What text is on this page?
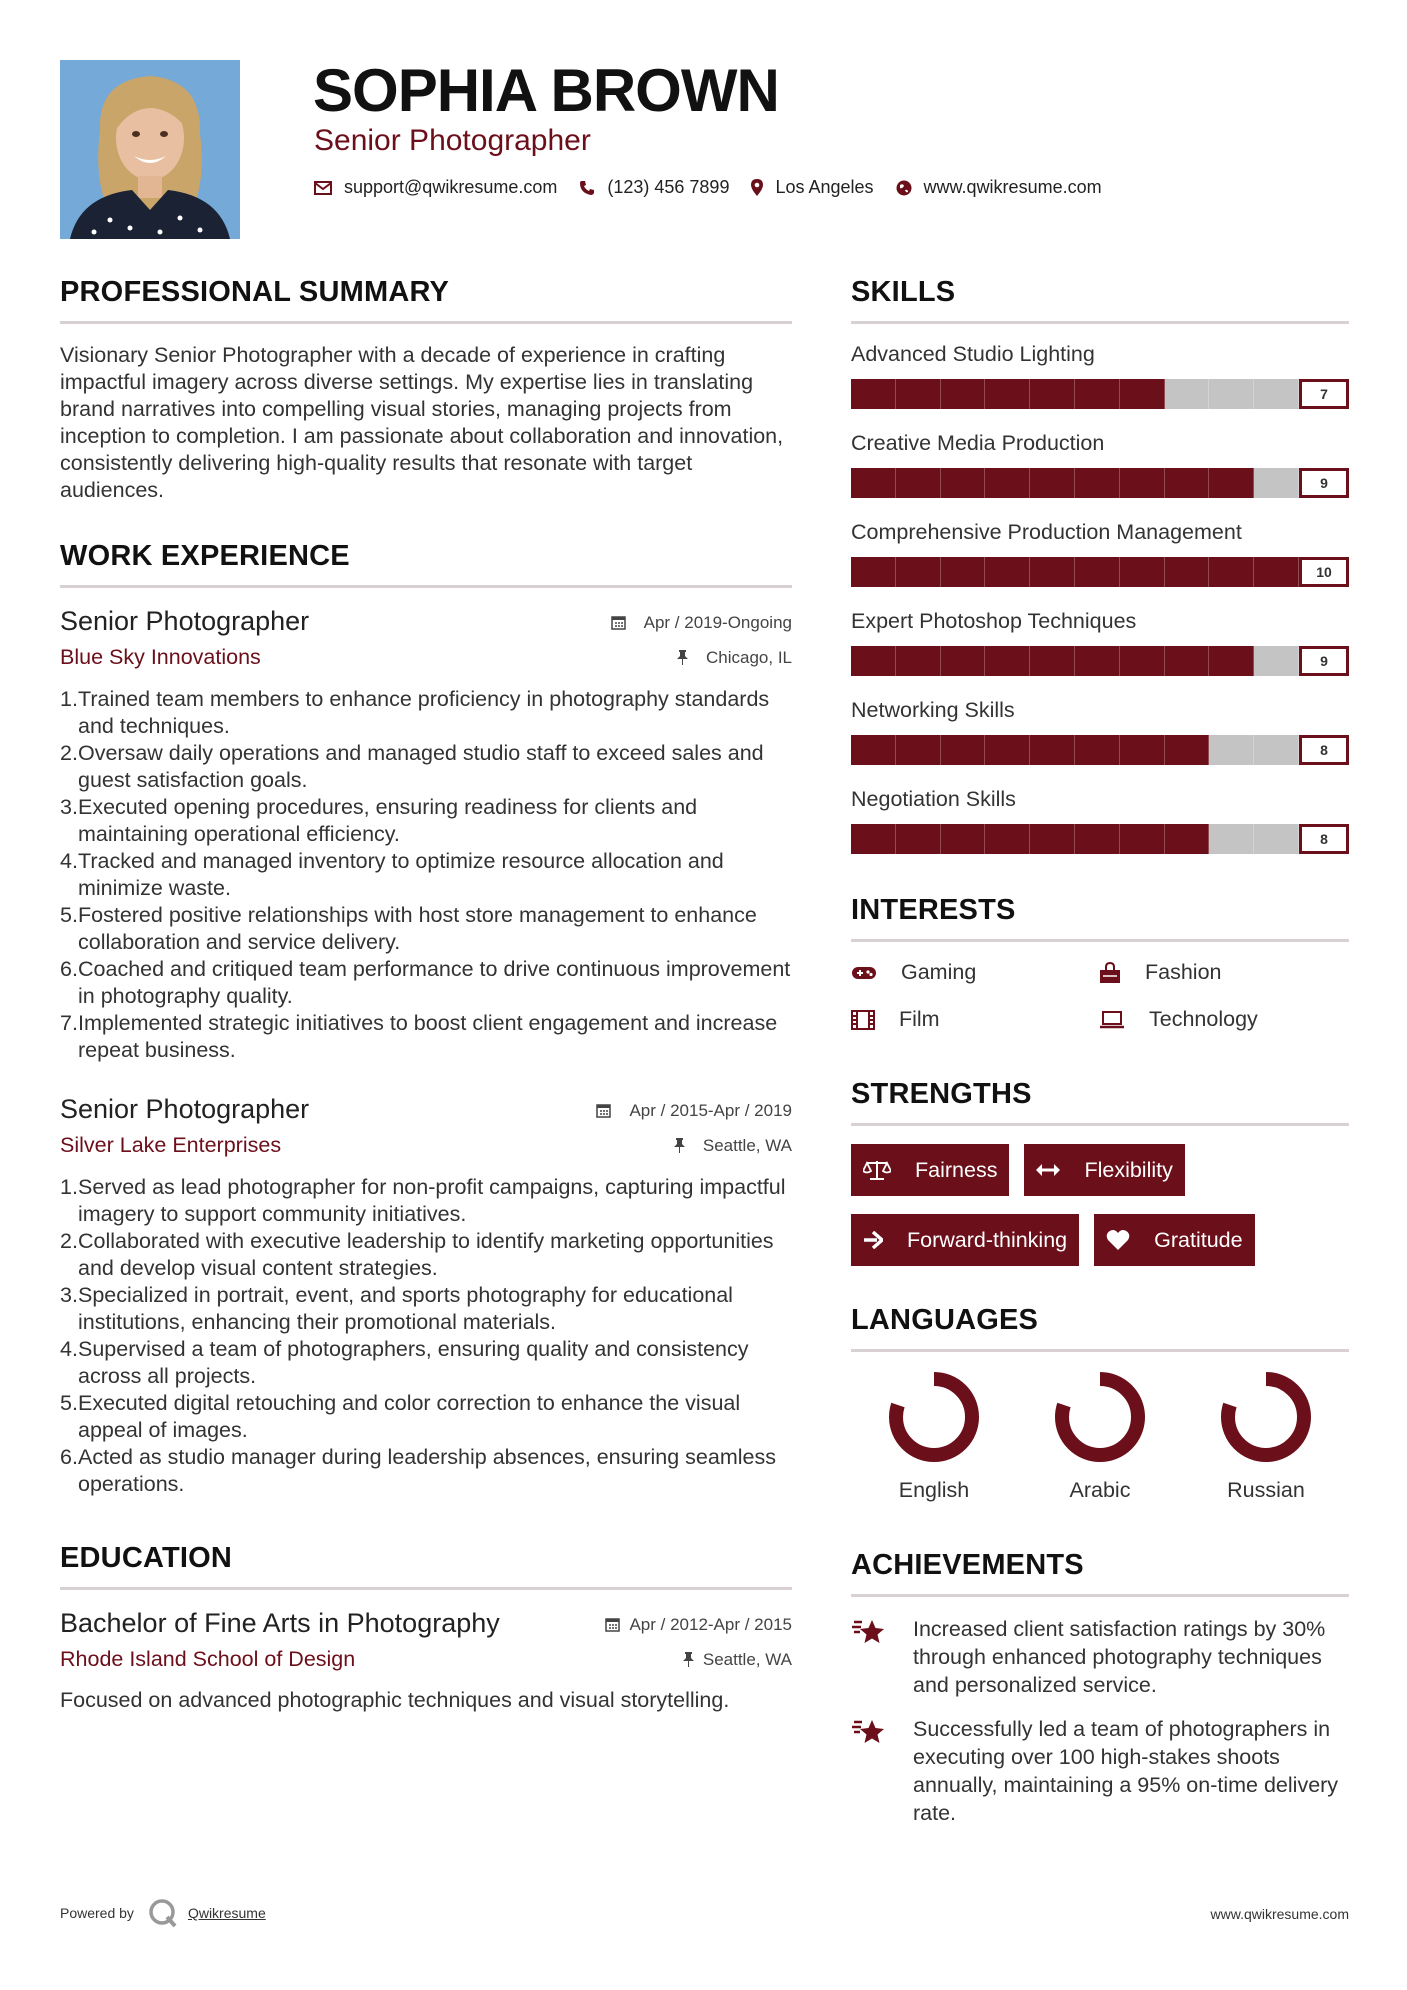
SOPHIA BROWN
Senior Photographer
support@qwikresume.com	(123) 456 7899	Los Angeles	www.qwikresume.com
PROFESSIONAL SUMMARY
Visionary Senior Photographer with a decade of experience in crafting impactful imagery across diverse settings. My expertise lies in translating brand narratives into compelling visual stories, managing projects from inception to completion. I am passionate about collaboration and innovation, consistently delivering high-quality results that resonate with target audiences.
WORK EXPERIENCE
Senior Photographer	Apr / 2019-Ongoing
Blue Sky Innovations	Chicago, IL
1. Trained team members to enhance proficiency in photography standards and techniques.
2. Oversaw daily operations and managed studio staff to exceed sales and guest satisfaction goals.
3. Executed opening procedures, ensuring readiness for clients and maintaining operational efficiency.
4. Tracked and managed inventory to optimize resource allocation and minimize waste.
5. Fostered positive relationships with host store management to enhance collaboration and service delivery.
6. Coached and critiqued team performance to drive continuous improvement in photography quality.
7. Implemented strategic initiatives to boost client engagement and increase repeat business.
Senior Photographer	Apr / 2015-Apr / 2019
Silver Lake Enterprises	Seattle, WA
1. Served as lead photographer for non-profit campaigns, capturing impactful imagery to support community initiatives.
2. Collaborated with executive leadership to identify marketing opportunities and develop visual content strategies.
3. Specialized in portrait, event, and sports photography for educational institutions, enhancing their promotional materials.
4. Supervised a team of photographers, ensuring quality and consistency across all projects.
5. Executed digital retouching and color correction to enhance the visual appeal of images.
6. Acted as studio manager during leadership absences, ensuring seamless operations.
EDUCATION
Bachelor of Fine Arts in Photography	Apr / 2012-Apr / 2015
Rhode Island School of Design	Seattle, WA
Focused on advanced photographic techniques and visual storytelling.
SKILLS
Advanced Studio Lighting
7
Creative Media Production
9
Comprehensive Production Management
10
Expert Photoshop Techniques
9
Networking Skills
8
Negotiation Skills
8
INTERESTS
Gaming	Fashion
Film	Technology
STRENGTHS
Fairness	Flexibility
Forward-thinking	Gratitude
LANGUAGES
English	Arabic	Russian
ACHIEVEMENTS
Increased client satisfaction ratings by 30% through enhanced photography techniques and personalized service.
Successfully led a team of photographers in executing over 100 high-stakes shoots annually, maintaining a 95% on-time delivery rate.
Powered by	Qwikresume	www.qwikresume.com
